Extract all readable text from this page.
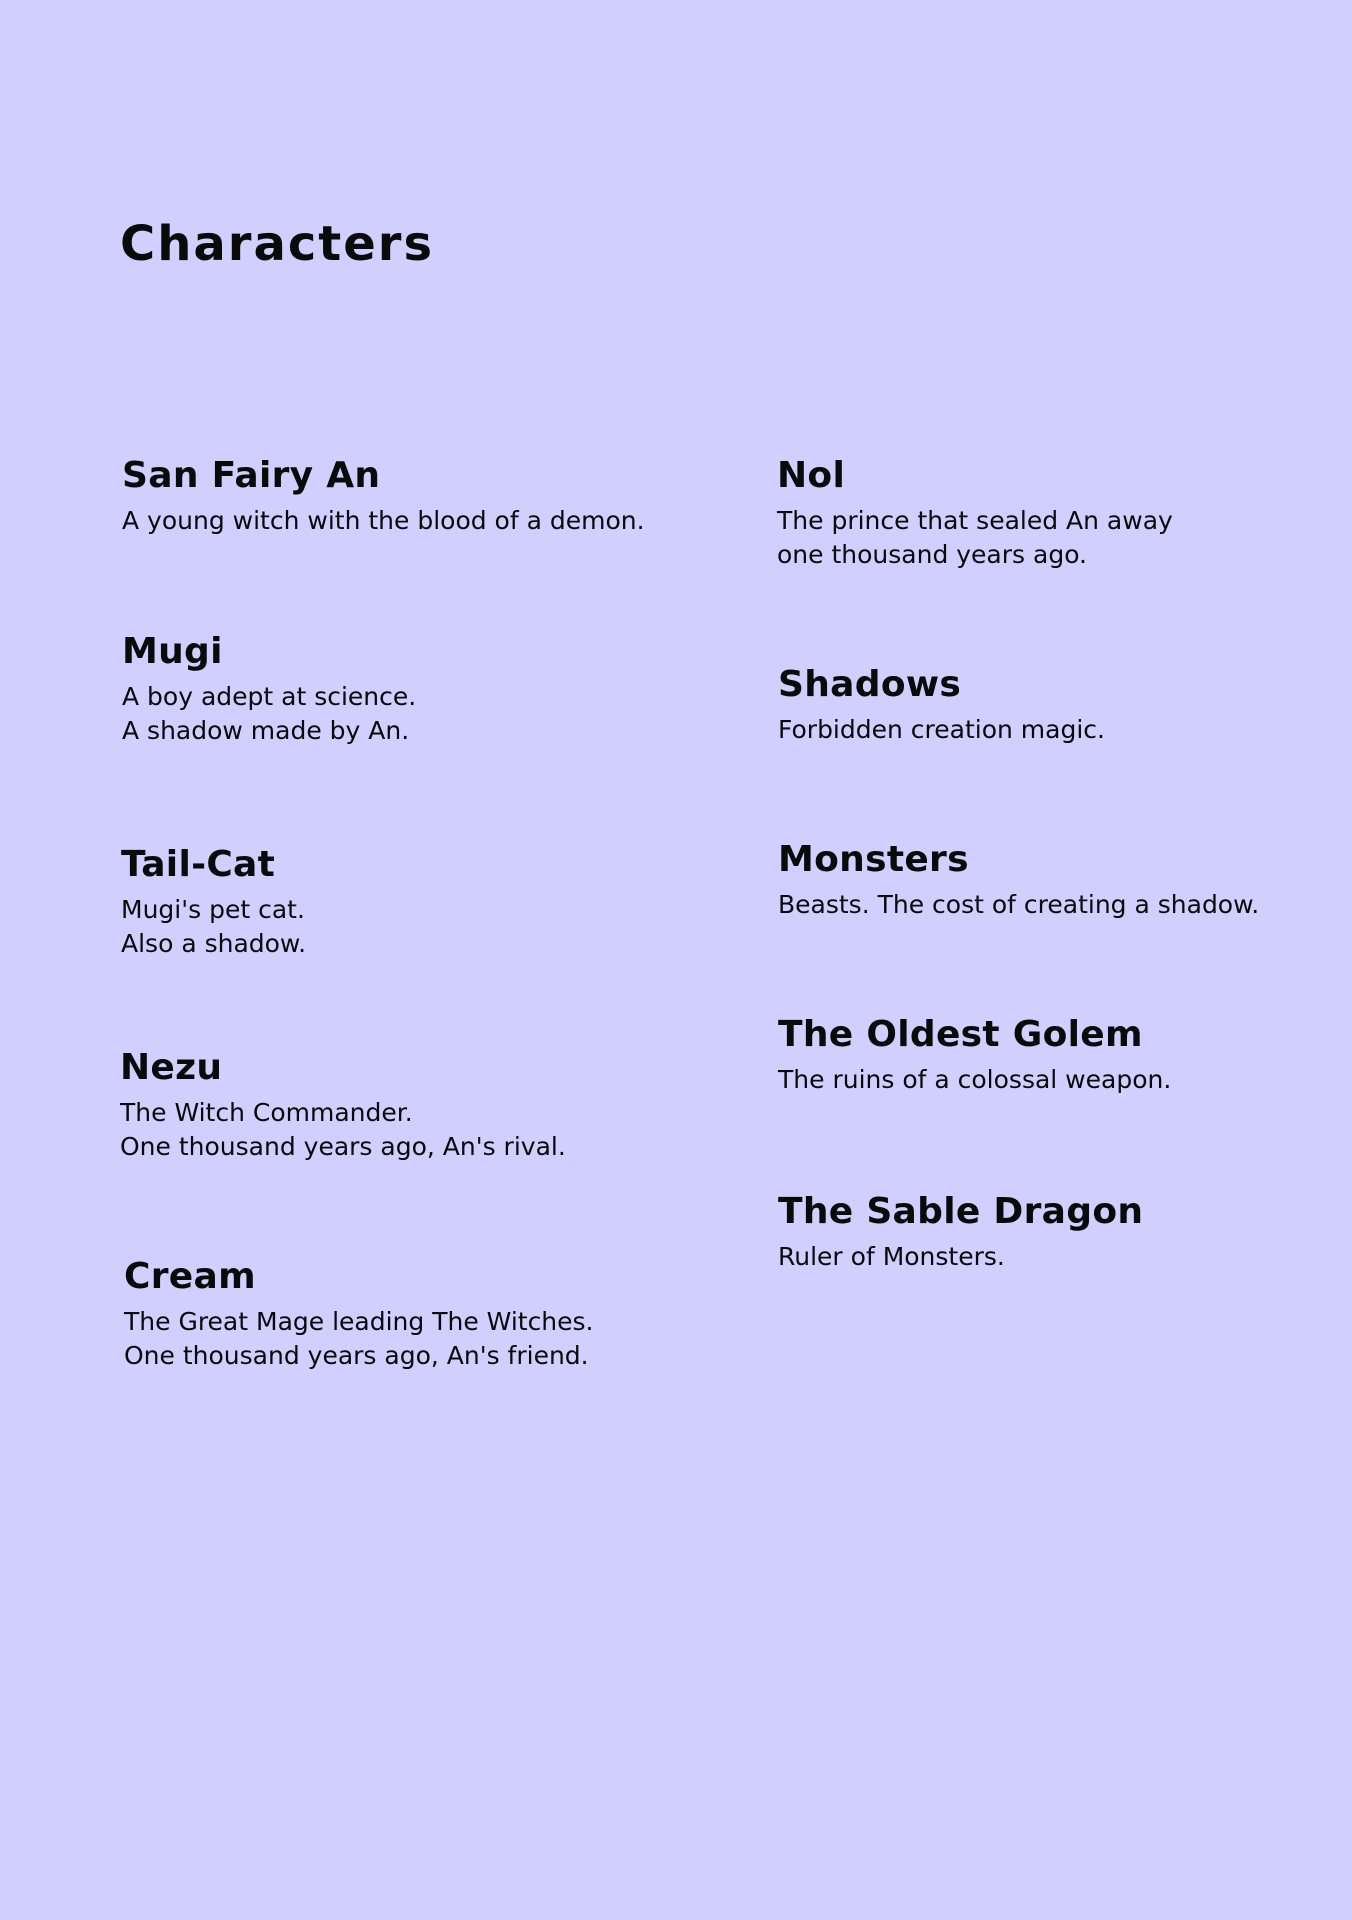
Characters
San Fairy An

A young witch with the blood of a demon.

Mugi

A boy adept at science.
A shadow made by An.

Tail-Cat

Mugi's pet cat.
Also a shadow.

Nezu

The Witch Commander.
One thousand years ago, An's rival.

Cream

The Great Mage leading The Witches.
One thousand years ago, An's friend.

Nol

The prince that sealed An away
one thousand years ago.

Shadows

Forbidden creation magic.

Monsters

Beasts. The cost of creating a shadow.

The Oldest Golem

The ruins of a colossal weapon.

The Sable Dragon

Ruler of Monsters.
